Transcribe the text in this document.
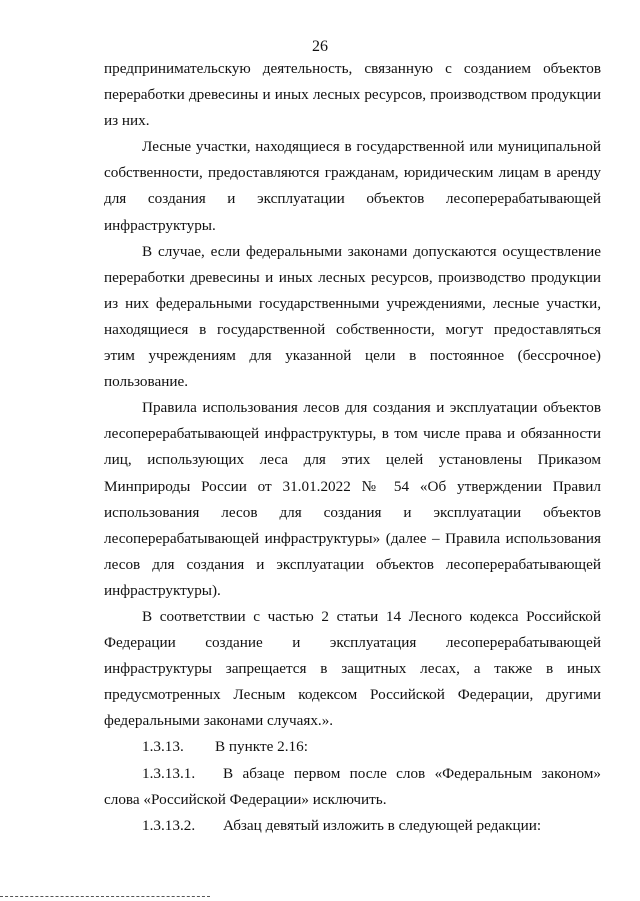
26

предпринимательскую деятельность, связанную с созданием объектов переработки древесины и иных лесных ресурсов, производством продукции из них.

Лесные участки, находящиеся в государственной или муниципальной собственности, предоставляются гражданам, юридическим лицам в аренду для создания и эксплуатации объектов лесоперерабатывающей инфраструктуры.

В случае, если федеральными законами допускаются осуществление переработки древесины и иных лесных ресурсов, производство продукции из них федеральными государственными учреждениями, лесные участки, находящиеся в государственной собственности, могут предоставляться этим учреждениям для указанной цели в постоянное (бессрочное) пользование.

Правила использования лесов для создания и эксплуатации объектов лесоперерабатывающей инфраструктуры, в том числе права и обязанности лиц, использующих леса для этих целей установлены Приказом Минприроды России от 31.01.2022 № 54 «Об утверждении Правил использования лесов для создания и эксплуатации объектов лесоперерабатывающей инфраструктуры» (далее – Правила использования лесов для создания и эксплуатации объектов лесоперерабатывающей инфраструктуры).

В соответствии с частью 2 статьи 14 Лесного кодекса Российской Федерации создание и эксплуатация лесоперерабатывающей инфраструктуры запрещается в защитных лесах, а также в иных предусмотренных Лесным кодексом Российской Федерации, другими федеральными законами случаях.».

1.3.13. В пункте 2.16:

1.3.13.1. В абзаце первом после слов «Федеральным законом» слова «Российской Федерации» исключить.

1.3.13.2. Абзац девятый изложить в следующей редакции:
